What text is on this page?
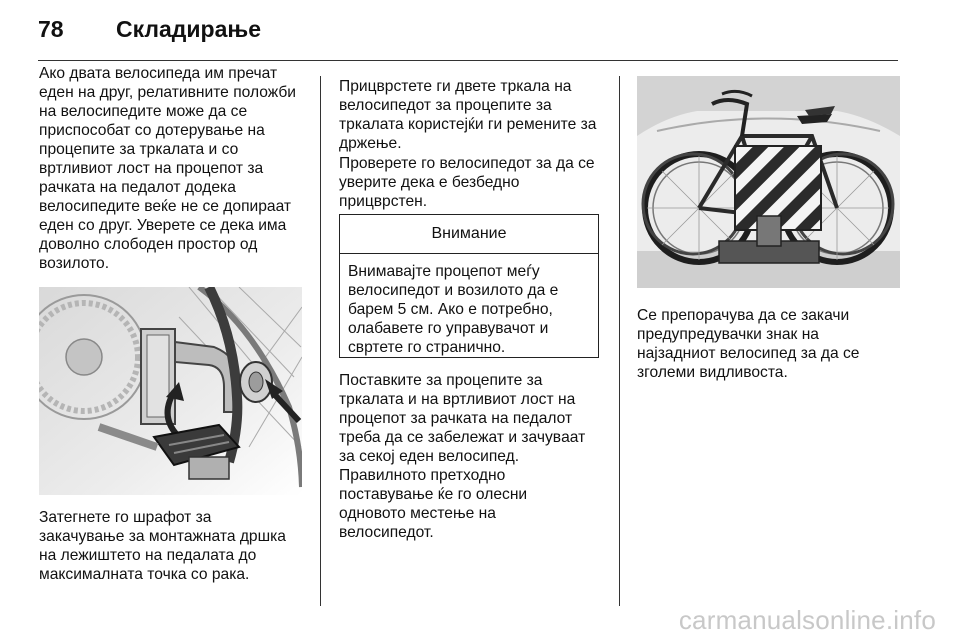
78	Складирање

Ако двата велосипеда им пречат
еден на друг, релативните положби
на велосипедите може да се
приспособат со дотерување на
процепите за тркалата и со
вртливиот лост на процепот за
рачката на педалот додека
велосипедите веќе не се допираат
еден со друг. Уверете се дека има
доволно слободен простор од
возилото.

Затегнете го шрафот за
закачување за монтажната дршка
на лежиштето на педалата до
максималната точка со рака.

Прицврстете ги двете тркала на
велосипедот за процепите за
тркалата користејќи ги ремените за
држење.

Проверете го велосипедот за да се
уверите дека е безбедно
прицврстен.

Внимание

Внимавајте процепот меѓу
велосипедот и возилото да е
барем 5 см. Ако е потребно,
олабавете го управувачот и
свртете го странично.

Поставките за процепите за
тркалата и на вртливиот лост на
процепот за рачката на педалот
треба да се забележат и зачувaат
за секој еден велосипед.
Правилното претходно
поставување ќе го олесни
одновото местење на
велосипедот.

Се препорачува да се закачи
предупредувачки знак на
најзадниот велосипед за да се
зголеми видливоста.

carmanualsonline.info
